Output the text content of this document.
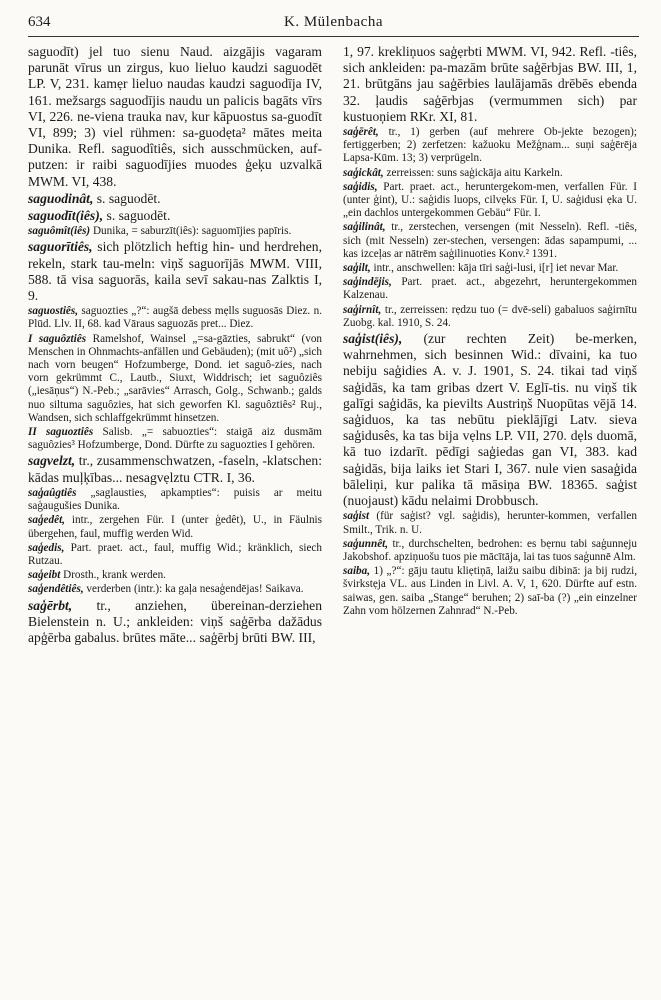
634	K. Mülenbacha

saguodīt) jel tuo sienu Naud. aizgājis vagaram parunāt vīrus un zirgus, kuo lieluo kaudzi saguodēt LP. V, 231. kamẹr lieluo naudas kaudzi saguodīja IV, 161. mežsargs saguodījis naudu un palicis bagāts vīrs VI, 226. ne-viena trauka nav, kur kāpuostus sa-guodīt VI, 899; 3) viel rühmen: sa-guodẹta² mātes meita Dunika. Refl. saguodîtiês, sich ausschmücken, auf-putzen: ir raibi saguodījies muodes ģeķu uzvalkā MWM. VI, 438.

saguodinât, s. saguodēt.

saguodīt(iês), s. saguodēt.

saguômît(iês) Dunika, = saburzīt(iês): saguomījies papīris.

saguorītiês, sich plötzlich heftig hin- und herdrehen, rekeln, stark tau-meln: viņš saguorījās MWM. VIII, 588. tā visa saguorās, kaila sevī sakau-nas Zalktis I, 9.

saguostiês, saguozties „?“: augšā debess mẹlls suguosās Diez. n. Plūd. Llv. II, 68. kad Vāraus saguozās pret... Diez.

I saguôztiês Ramelshof, Wainsel „=sa-gāzties, sabrukt“ (von Menschen in Ohnmachts-anfällen und Gebäuden); (mit uô²) „sich nach vorn beugen“ Hofzumberge, Dond. iet saguô-zies, nach vorn gekrümmt C., Lautb., Siuxt, Widdrisch; iet saguôziês („iesāņus“) N.-Peb.; „sarāvies“ Arrasch, Golg., Schwanb.; galds nuo siltuma saguôzies, hat sich geworfen Kl. saguôztiês² Ruj., Wandsen, sich schlaffgekrümmt hinsetzen.

II saguoztiês Salisb. „= sabuozties“: staigā aiz dusmām saguôzies³ Hofzumberge, Dond. Dürfte zu saguozties I gehören.

sagvelzt, tr., zusammenschwatzen, -faseln, -klatschen: kādas muļķības... nesagvẹlztu CTR. I, 36.

saģaûgtiês „saglausties, apkampties“: puisis ar meitu saģaugušies Dunika.

saģedêt, intr., zergehen Für. I (unter ģedêt), U., in Fäulnis übergehen, faul, muffig werden Wid.

saģedis, Part. praet. act., faul, muffig Wid.; kränklich, siech Rutzau.

saģeibt Drosth., krank werden.

saģendêtiês, verderben (intr.): ka gaļa nesaģendējas! Saikava.

saģērbt, tr., anziehen, übereinan-derziehen Bielenstein n. U.; ankleiden: viņš saģērba dažādus apģērba gabalus. brūtes māte... saģērbj brūti BW. III,

1, 97. krekliņuos saģẹrbti MWM. VI, 942. Refl. -tiês, sich ankleiden: pa-mazām brūte saģērbjas BW. III, 1, 21. brūtgāns jau saģērbies laulājamās drēbēs ebenda 32. ļaudis saģērbjas (vermummen sich) par kustuoņiem RKr. XI, 81.

saģērêt, tr., 1) gerben (auf mehrere Ob-jekte bezogen); fertiggerben; 2) zerfetzen: kažuoku Mežģnam... suņi saģērēja Lapsa-Kūm. 13; 3) verprügeln.

saģickât, zerreissen: suns saģickāja aitu Karkeln.

saģidis, Part. praet. act., heruntergekom-men, verfallen Für. I (unter ģint), U.: saģidis luops, cilvẹks Für. I, U. saģidusi ẹka U. „ein dachlos untergekommen Gebäu“ Für. I.

saģilinât, tr., zerstechen, versengen (mit Nesseln). Refl. -tiês, sich (mit Nesseln) zer-stechen, versengen: ādas sapampumi, ... kas izceļas ar nātrēm saģilinuoties Konv.² 1391.

saģilt, intr., anschwellen: kāja tīri saģi-lusi, i[r] iet nevar Mar.

saģindējis, Part. praet. act., abgezehrt, heruntergekommen Kalzenau.

saģirnît, tr., zerreissen: rẹdzu tuo (= dvē-seli) gabaluos saģirnītu Zuobg. kal. 1910, S. 24.

saģist(iês), (zur rechten Zeit) be-merken, wahrnehmen, sich besinnen Wid.: dīvaini, ka tuo nebiju saģidies A. v. J. 1901, S. 24. tikai tad viņš saģidās, ka tam gribas dzert V. Eglī-tis. nu viņš tik galīgi saģidās, ka pievilts Austriņš Nuopūtas vējā 14. saģiduos, ka tas nebūtu pieklājīgi Latv. sieva saģidusês, ka tas bija vẹlns LP. VII, 270. dẹls duomā, kā tuo izdarīt. pēdīgi saģiedas gan VI, 383. kad saģidās, bija laiks iet Stari I, 367. nule vien sasaģida bāleliņi, kur palika tā māsiņa BW. 18365. saģist (nuojaust) kādu nelaimi Drobbusch.

saģist (für saģist? vgl. saģidis), herunter-kommen, verfallen Smilt., Trik. n. U.

saģunnêt, tr., durchschelten, bedrohen: es bẹrnu tabi saģunnẹju Jakobshof. apziņuošu tuos pie mācītāja, lai tas tuos saģunnē Alm.

saiba, 1) „?“: gāju tautu kliẹtiņā, laižu saibu dibinā: ja bij rudzi, švirkstẹja VL. aus Linden in Livl. A. V, 1, 620. Dürfte auf estn. saiwas, gen. saiba „Stange“ beruhen; 2) saī-ba (?) „ein einzelner Zahn vom hölzernen Zahnrad“ N.-Peb.
